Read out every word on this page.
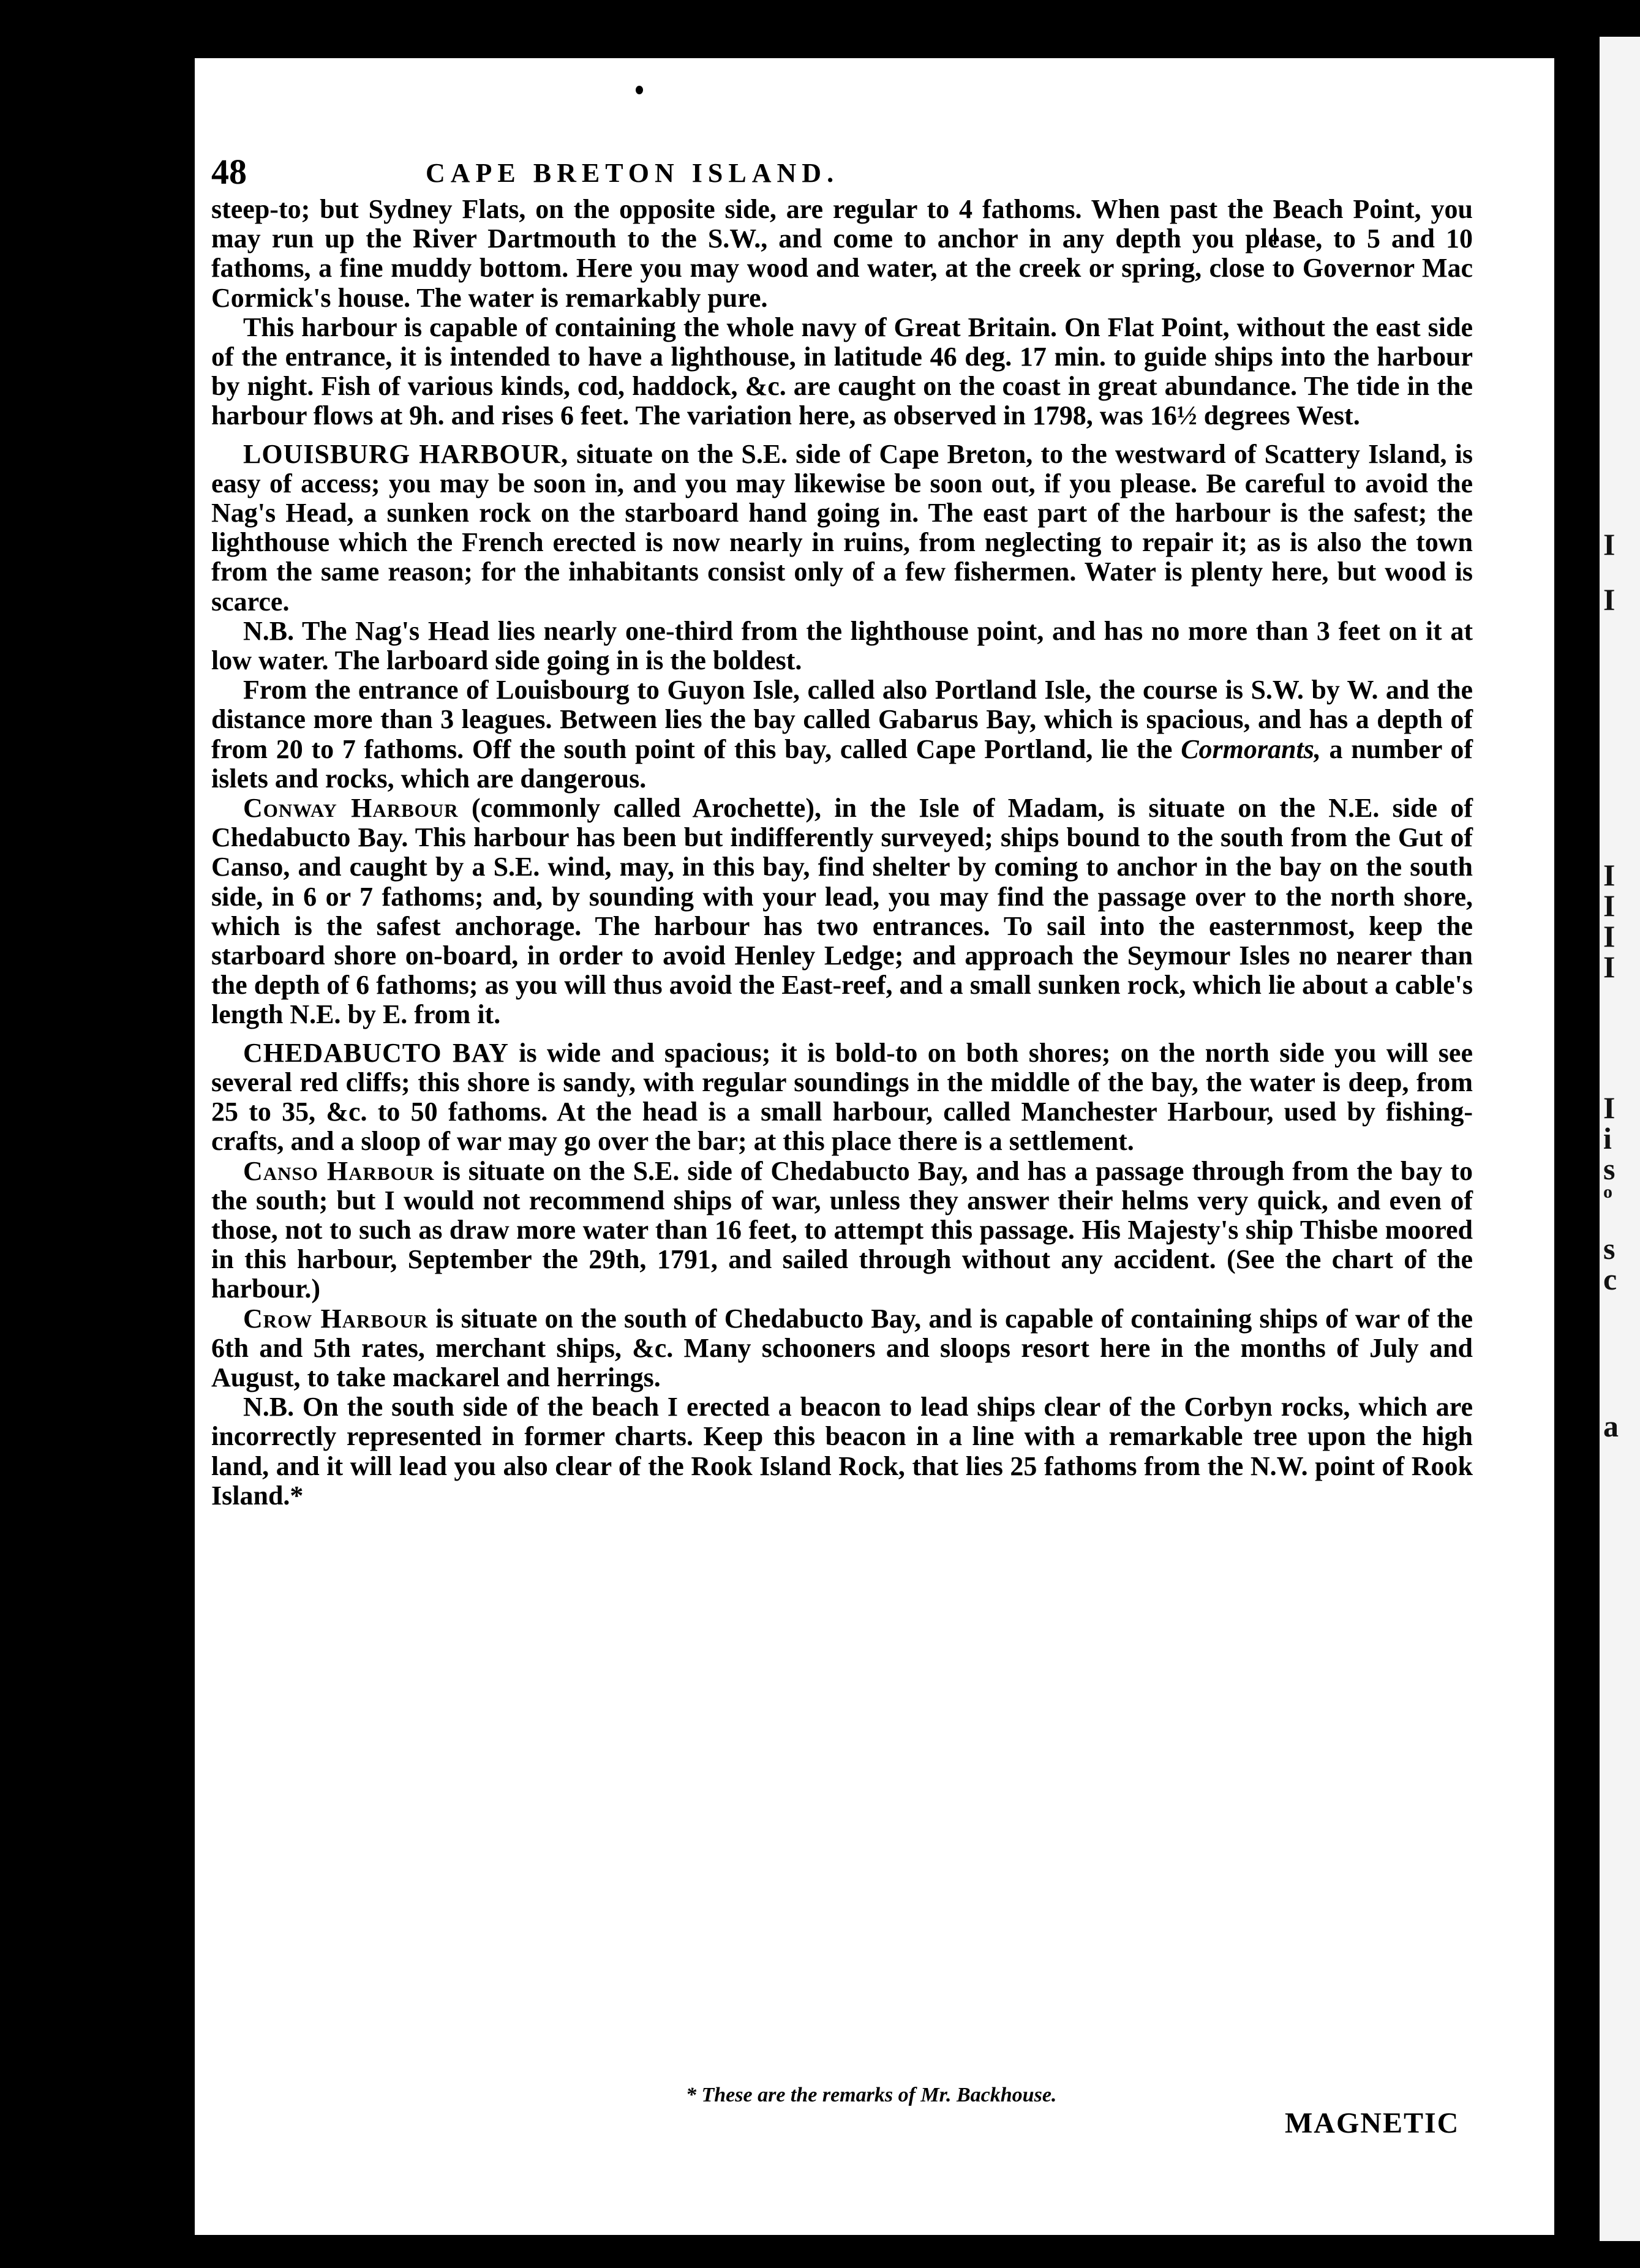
I
I
I
I
I
I
I
i
s
o
s
c
a
48	CAPE BRETON ISLAND.

steep-to; but Sydney Flats, on the opposite side, are regular to 4 fathoms. When past the Beach Point, you may run up the River Dartmouth to the S.W., and come to anchor in any depth you please, to 5 and 10 fathoms, a fine muddy bottom. Here you may wood and water, at the creek or spring, close to Governor Mac Cormick's house. The water is remarkably pure.

This harbour is capable of containing the whole navy of Great Britain. On Flat Point, without the east side of the entrance, it is intended to have a lighthouse, in latitude 46 deg. 17 min. to guide ships into the harbour by night. Fish of various kinds, cod, haddock, &c. are caught on the coast in great abundance. The tide in the harbour flows at 9h. and rises 6 feet. The variation here, as observed in 1798, was 16½ degrees West.

LOUISBURG HARBOUR, situate on the S.E. side of Cape Breton, to the westward of Scattery Island, is easy of access; you may be soon in, and you may likewise be soon out, if you please. Be careful to avoid the Nag's Head, a sunken rock on the starboard hand going in. The east part of the harbour is the safest; the lighthouse which the French erected is now nearly in ruins, from neglecting to repair it; as is also the town from the same reason; for the inhabitants consist only of a few fishermen. Water is plenty here, but wood is scarce.

N.B. The Nag's Head lies nearly one-third from the lighthouse point, and has no more than 3 feet on it at low water. The larboard side going in is the boldest.

From the entrance of Louisbourg to Guyon Isle, called also Portland Isle, the course is S.W. by W. and the distance more than 3 leagues. Between lies the bay called Gabarus Bay, which is spacious, and has a depth of from 20 to 7 fathoms. Off the south point of this bay, called Cape Portland, lie the Cormorants, a number of islets and rocks, which are dangerous.

Conway Harbour (commonly called Arochette), in the Isle of Madam, is situate on the N.E. side of Chedabucto Bay. This harbour has been but indifferently surveyed; ships bound to the south from the Gut of Canso, and caught by a S.E. wind, may, in this bay, find shelter by coming to anchor in the bay on the south side, in 6 or 7 fathoms; and, by sounding with your lead, you may find the passage over to the north shore, which is the safest anchorage. The harbour has two entrances. To sail into the easternmost, keep the starboard shore on-board, in order to avoid Henley Ledge; and approach the Seymour Isles no nearer than the depth of 6 fathoms; as you will thus avoid the East-reef, and a small sunken rock, which lie about a cable's length N.E. by E. from it.

CHEDABUCTO BAY is wide and spacious; it is bold-to on both shores; on the north side you will see several red cliffs; this shore is sandy, with regular soundings in the middle of the bay, the water is deep, from 25 to 35, &c. to 50 fathoms. At the head is a small harbour, called Manchester Harbour, used by fishing-crafts, and a sloop of war may go over the bar; at this place there is a settlement.

Canso Harbour is situate on the S.E. side of Chedabucto Bay, and has a passage through from the bay to the south; but I would not recommend ships of war, unless they answer their helms very quick, and even of those, not to such as draw more water than 16 feet, to attempt this passage. His Majesty's ship Thisbe moored in this harbour, September the 29th, 1791, and sailed through without any accident. (See the chart of the harbour.)

Crow Harbour is situate on the south of Chedabucto Bay, and is capable of containing ships of war of the 6th and 5th rates, merchant ships, &c. Many schooners and sloops resort here in the months of July and August, to take mackarel and herrings.

N.B. On the south side of the beach I erected a beacon to lead ships clear of the Corbyn rocks, which are incorrectly represented in former charts. Keep this beacon in a line with a remarkable tree upon the high land, and it will lead you also clear of the Rook Island Rock, that lies 25 fathoms from the N.W. point of Rook Island.*

* These are the remarks of Mr. Backhouse.
MAGNETIC
